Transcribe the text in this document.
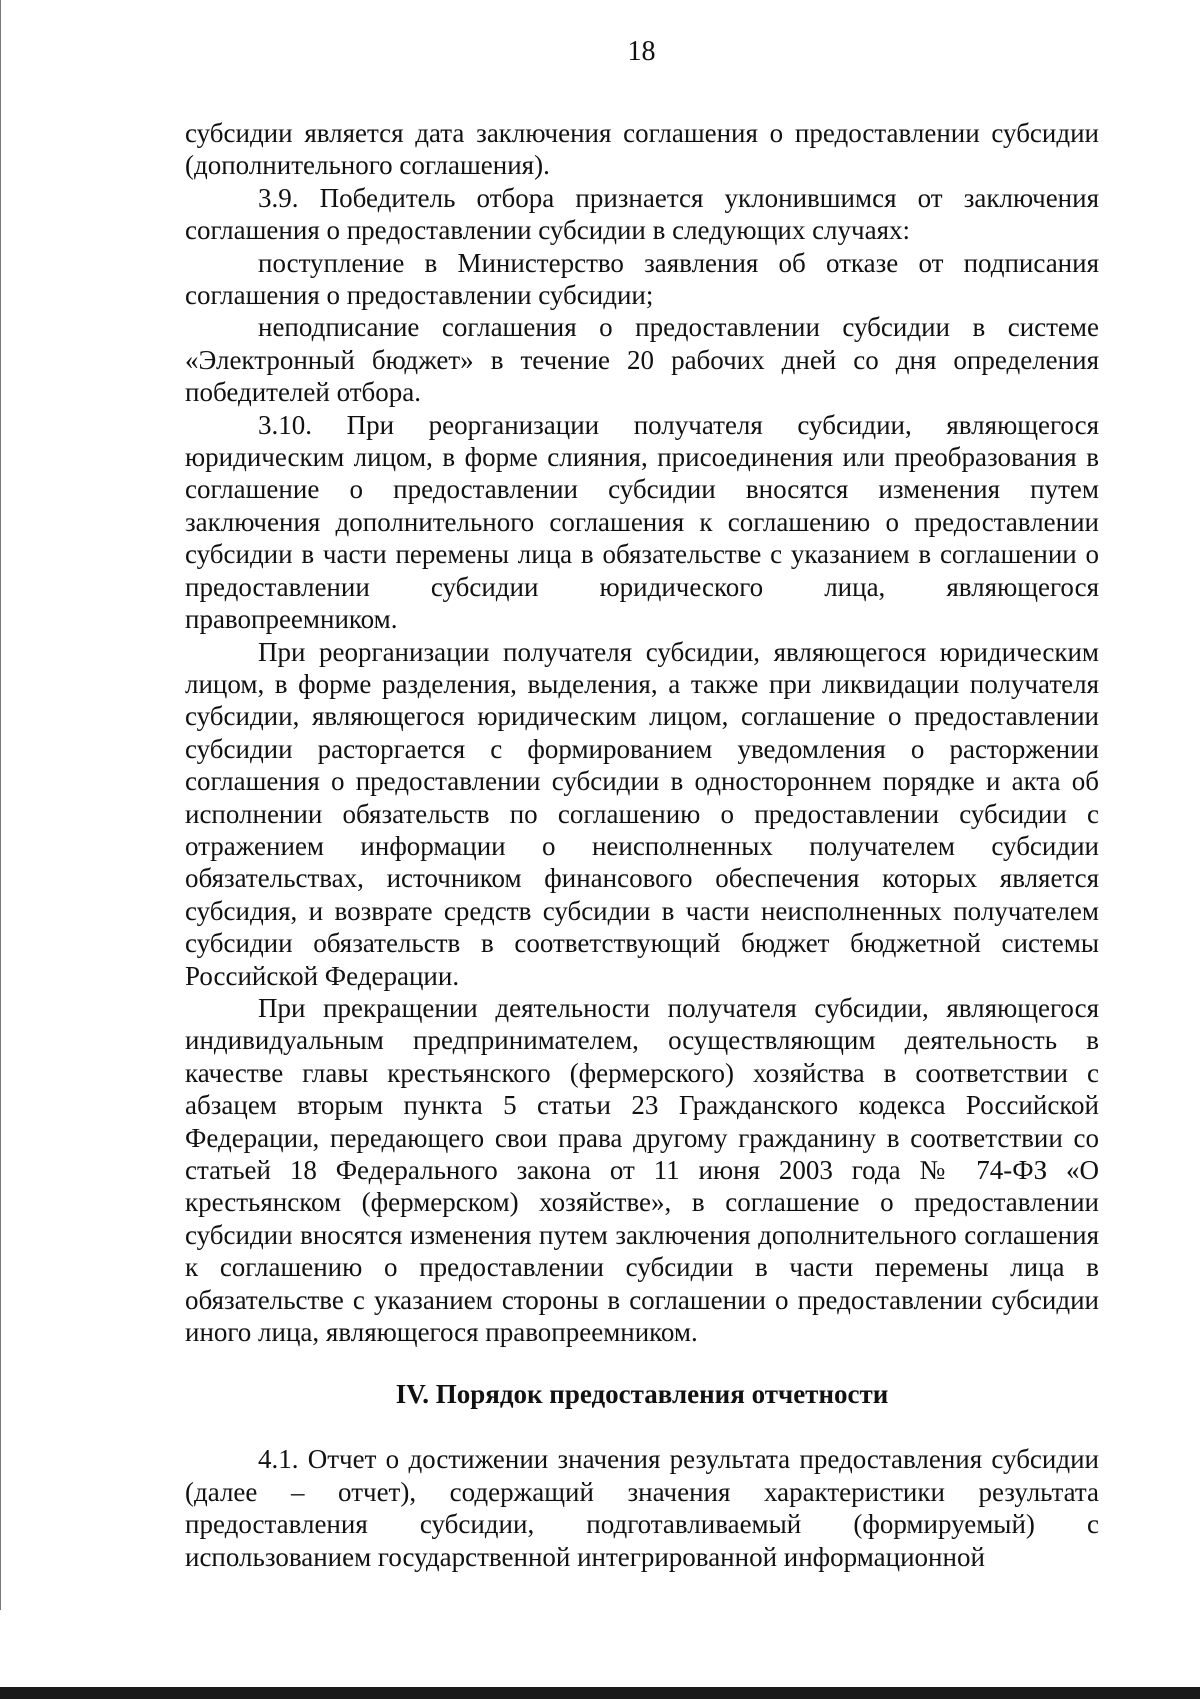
18

субсидии является дата заключения соглашения о предоставлении субсидии (дополнительного соглашения).

3.9. Победитель отбора признается уклонившимся от заключения соглашения о предоставлении субсидии в следующих случаях:

поступление в Министерство заявления об отказе от подписания соглашения о предоставлении субсидии;

неподписание соглашения о предоставлении субсидии в системе «Электронный бюджет» в течение 20 рабочих дней со дня определения победителей отбора.

3.10. При реорганизации получателя субсидии, являющегося юридическим лицом, в форме слияния, присоединения или преобразования в соглашение о предоставлении субсидии вносятся изменения путем заключения дополнительного соглашения к соглашению о предоставлении субсидии в части перемены лица в обязательстве с указанием в соглашении о предоставлении субсидии юридического лица, являющегося правопреемником.

При реорганизации получателя субсидии, являющегося юридическим лицом, в форме разделения, выделения, а также при ликвидации получателя субсидии, являющегося юридическим лицом, соглашение о предоставлении субсидии расторгается с формированием уведомления о расторжении соглашения о предоставлении субсидии в одностороннем порядке и акта об исполнении обязательств по соглашению о предоставлении субсидии с отражением информации о неисполненных получателем субсидии обязательствах, источником финансового обеспечения которых является субсидия, и возврате средств субсидии в части неисполненных получателем субсидии обязательств в соответствующий бюджет бюджетной системы Российской Федерации.

При прекращении деятельности получателя субсидии, являющегося индивидуальным предпринимателем, осуществляющим деятельность в качестве главы крестьянского (фермерского) хозяйства в соответствии с абзацем вторым пункта 5 статьи 23 Гражданского кодекса Российской Федерации, передающего свои права другому гражданину в соответствии со статьей 18 Федерального закона от 11 июня 2003 года № 74-ФЗ «О крестьянском (фермерском) хозяйстве», в соглашение о предоставлении субсидии вносятся изменения путем заключения дополнительного соглашения к соглашению о предоставлении субсидии в части перемены лица в обязательстве с указанием стороны в соглашении о предоставлении субсидии иного лица, являющегося правопреемником.

IV. Порядок предоставления отчетности

4.1. Отчет о достижении значения результата предоставления субсидии (далее – отчет), содержащий значения характеристики результата предоставления субсидии, подготавливаемый (формируемый) с использованием государственной интегрированной информационной
